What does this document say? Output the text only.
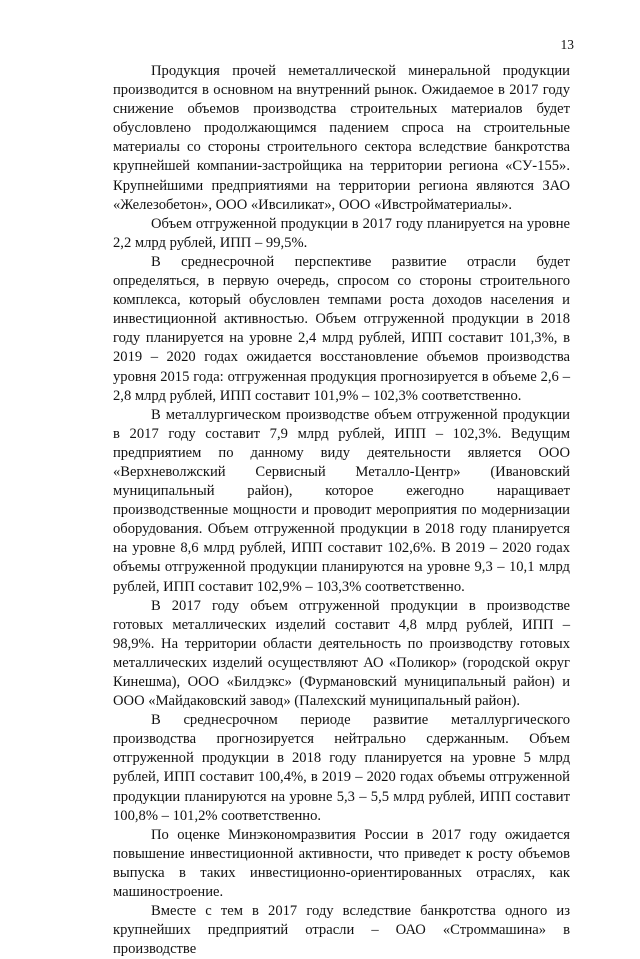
13

Продукция прочей неметаллической минеральной продукции производится в основном на внутренний рынок. Ожидаемое в 2017 году снижение объемов производства строительных материалов будет обусловлено продолжающимся падением спроса на строительные материалы со стороны строительного сектора вследствие банкротства крупнейшей компании-застройщика на территории региона «СУ-155». Крупнейшими предприятиями на территории региона являются ЗАО «Железобетон», ООО «Ивсиликат», ООО «Ивстройматериалы».

Объем отгруженной продукции в 2017 году планируется на уровне 2,2 млрд рублей, ИПП – 99,5%.

В среднесрочной перспективе развитие отрасли будет определяться, в первую очередь, спросом со стороны строительного комплекса, который обусловлен темпами роста доходов населения и инвестиционной активностью. Объем отгруженной продукции в 2018 году планируется на уровне 2,4 млрд рублей, ИПП составит 101,3%, в 2019 – 2020 годах ожидается восстановление объемов производства уровня 2015 года: отгруженная продукция прогнозируется в объеме 2,6 – 2,8 млрд рублей, ИПП составит 101,9% – 102,3% соответственно.

В металлургическом производстве объем отгруженной продукции в 2017 году составит 7,9 млрд рублей, ИПП – 102,3%. Ведущим предприятием по данному виду деятельности является ООО «Верхневолжский Сервисный Металло-Центр» (Ивановский муниципальный район), которое ежегодно наращивает производственные мощности и проводит мероприятия по модернизации оборудования. Объем отгруженной продукции в 2018 году планируется на уровне 8,6 млрд рублей, ИПП составит 102,6%. В 2019 – 2020 годах объемы отгруженной продукции планируются на уровне 9,3 – 10,1 млрд рублей, ИПП составит 102,9% – 103,3% соответственно.

В 2017 году объем отгруженной продукции в производстве готовых металлических изделий составит 4,8 млрд рублей, ИПП – 98,9%. На территории области деятельность по производству готовых металлических изделий осуществляют АО «Поликор» (городской округ Кинешма), ООО «Билдэкс» (Фурмановский муниципальный район) и ООО «Майдаковский завод» (Палехский муниципальный район).

В среднесрочном периоде развитие металлургического производства прогнозируется нейтрально сдержанным. Объем отгруженной продукции в 2018 году планируется на уровне 5 млрд рублей, ИПП составит 100,4%, в 2019 – 2020 годах объемы отгруженной продукции планируются на уровне 5,3 – 5,5 млрд рублей, ИПП составит 100,8% – 101,2% соответственно.

По оценке Минэкономразвития России в 2017 году ожидается повышение инвестиционной активности, что приведет к росту объемов выпуска в таких инвестиционно-ориентированных отраслях, как машиностроение.

Вместе с тем в 2017 году вследствие банкротства одного из крупнейших предприятий отрасли – ОАО «Строммашина» в производстве
